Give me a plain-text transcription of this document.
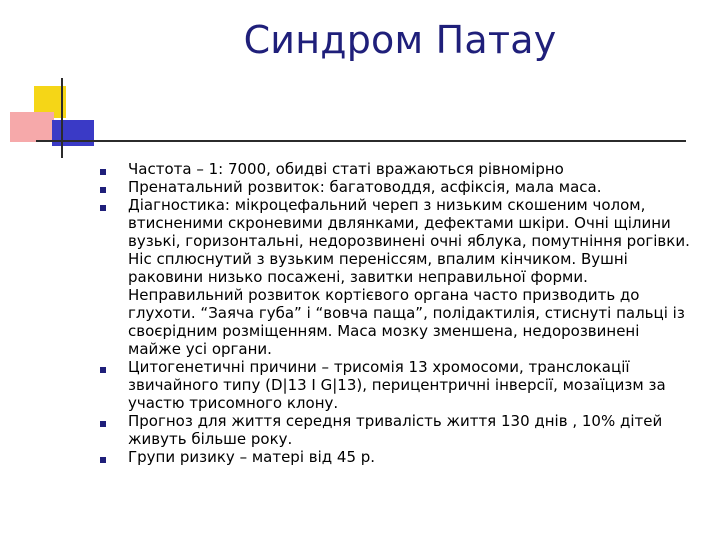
Синдром Патау
Частота – 1: 7000, обидві статі вражаються рівномірно
Пренатальний розвиток: багатоводдя, асфіксія, мала маса.
Діагностика: мікроцефальний череп з низьким скошеним чолом, втисненими скроневими двлянками, дефектами шкіри. Очні щілини вузькі, горизонтальні, недорозвинені очні яблука, помутніння рогівки. Ніс сплюснутий з вузьким переніссям, впалим кінчиком. Вушні раковини низько посажені, завитки неправильної форми. Неправильний розвиток кортієвого органа часто призводить до глухоти. “Заяча губа” і “вовча паща”, полідактилія, стиснуті пальці із своєрідним розміщенням. Маса мозку зменшена, недорозвинені майже усі органи.
Цитогенетичні причини – трисомія 13 хромосоми, транслокації звичайного типу (D|13 I G|13), перицентричні інверсії, мозаїцизм за участю трисомного клону.
Прогноз для життя середня тривалість життя 130 днів , 10% дітей живуть більше року.
Групи ризику – матері від 45 р.
